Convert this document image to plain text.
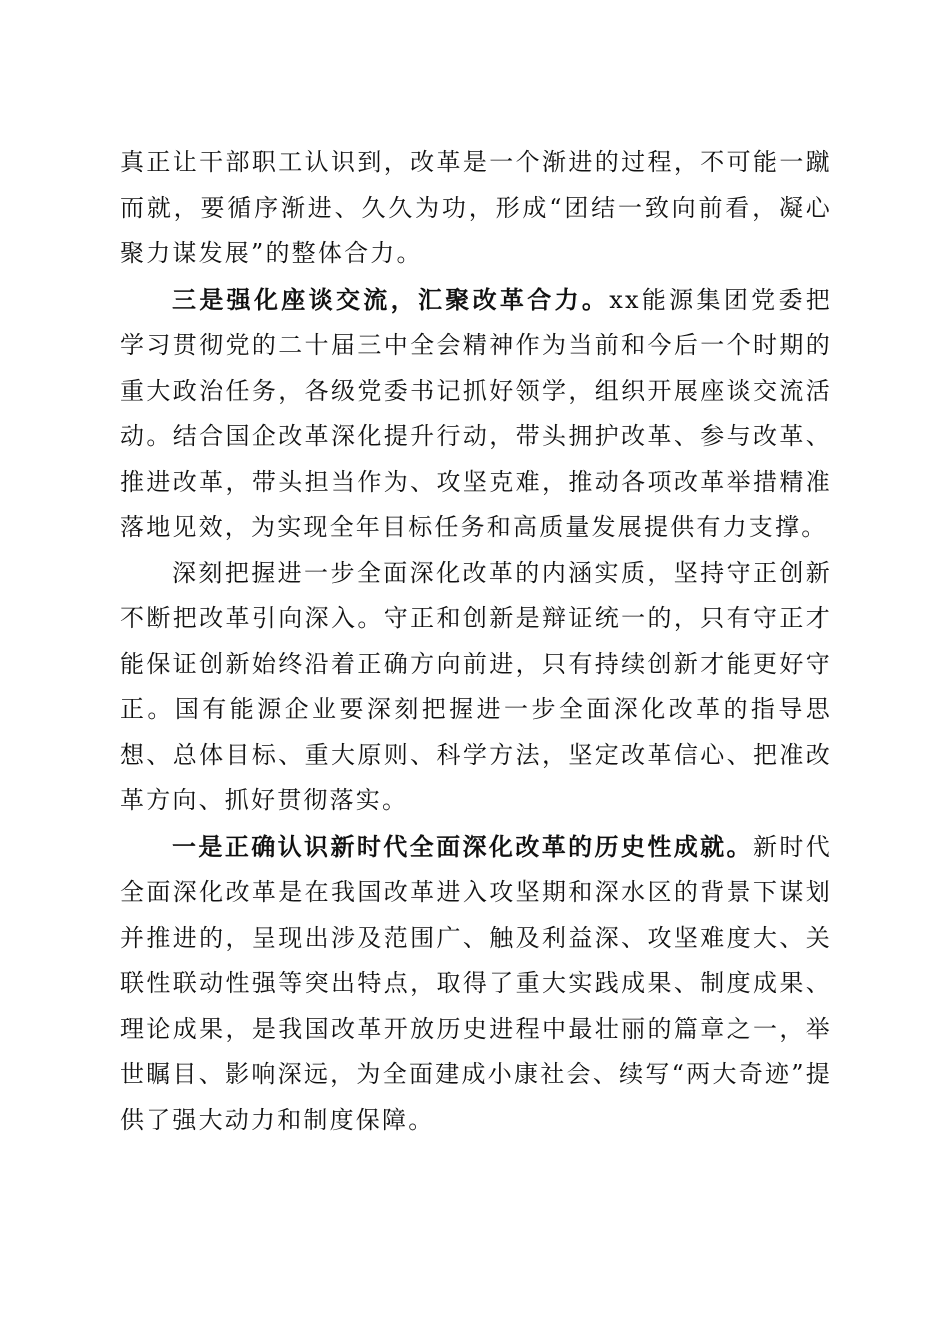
真正让干部职工认识到，改革是一个渐进的过程，不可能一蹴而就，要循序渐进、久久为功，形成“团结一致向前看，凝心聚力谋发展”的整体合力。

三是强化座谈交流，汇聚改革合力。xx能源集团党委把学习贯彻党的二十届三中全会精神作为当前和今后一个时期的重大政治任务，各级党委书记抓好领学，组织开展座谈交流活动。结合国企改革深化提升行动，带头拥护改革、参与改革、推进改革，带头担当作为、攻坚克难，推动各项改革举措精准落地见效，为实现全年目标任务和高质量发展提供有力支撑。

深刻把握进一步全面深化改革的内涵实质，坚持守正创新不断把改革引向深入。守正和创新是辩证统一的，只有守正才能保证创新始终沿着正确方向前进，只有持续创新才能更好守正。国有能源企业要深刻把握进一步全面深化改革的指导思想、总体目标、重大原则、科学方法，坚定改革信心、把准改革方向、抓好贯彻落实。

一是正确认识新时代全面深化改革的历史性成就。新时代全面深化改革是在我国改革进入攻坚期和深水区的背景下谋划并推进的，呈现出涉及范围广、触及利益深、攻坚难度大、关联性联动性强等突出特点，取得了重大实践成果、制度成果、理论成果，是我国改革开放历史进程中最壮丽的篇章之一，举世瞩目、影响深远，为全面建成小康社会、续写“两大奇迹”提供了强大动力和制度保障。
